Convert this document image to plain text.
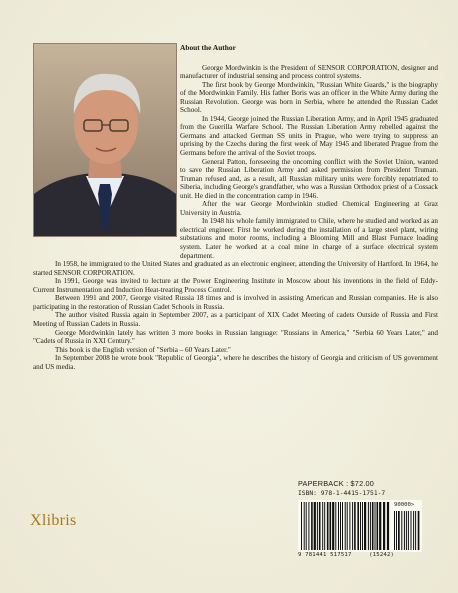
About the Author

George Mordwinkin is the President of SENSOR CORPORATION, designer and manufacturer of industrial sensing and process control systems.

The first book by George Mordwinkin, "Russian White Guards," is the biography of the Mordwinkin Family. His father Boris was an officer in the White Army during the Russian Revolution. George was born in Serbia, where he attended the Russian Cadet School.

In 1944, George joined the Russian Liberation Army, and in April 1945 graduated from the Guerilla Warfare School. The Russian Liberation Army rebelled against the Germans and attacked German SS units in Prague, who were trying to suppress an uprising by the Czechs during the first week of May 1945 and liberated Prague from the Germans before the arrival of the Soviet troops.

General Patton, foreseeing the oncoming conflict with the Soviet Union, wanted to save the Russian Liberation Army and asked permission from President Truman. Truman refused and, as a result, all Russian military units were forcibly repatriated to Siberia, including George's grandfather, who was a Russian Orthodox priest of a Cossack unit. He died in the concentration camp in 1946.

After the war George Mordwinkin studied Chemical Engineering at Graz University in Austria.

In 1948 his whole family immigrated to Chile, where he studied and worked as an electrical engineer. First he worked during the installation of a large steel plant, wiring substations and motor rooms, including a Blooming Mill and Blast Furnace loading system. Later he worked at a coal mine in charge of a surface electrical system department.

In 1958, he immigrated to the United States and graduated as an electronic engineer, attending the University of Hartford. In 1964, he started SENSOR CORPORATION.

In 1991, George was invited to lecture at the Power Engineering Institute in Moscow about his inventions in the field of Eddy-Current Instrumentation and Induction Heat-treating Process Control.

Between 1991 and 2007, George visited Russia 18 times and is involved in assisting American and Russian companies. He is also participating in the restoration of Russian Cadet Schools in Russia.

The author visited Russia again in September 2007, as a participant of XIX Cadet Meeting of cadets Outside of Russia and First Meeting of Russian Cadets in Russia.

George Mordwinkin lately has written 3 more books in Russian language: "Russians in America," "Serbia 60 Years Later," and "Cadets of Russia in XXI Century."

This book is the English version of "Serbia – 60 Years Later."

In September 2008 he wrote book "Republic of Georgia", where he describes the history of Georgia and criticism of US government and US media.

PAPERBACK : $72.00
ISBN: 978-1-4415-1751-7
90000>
9 781441 517517	(15242)
Xlibris
